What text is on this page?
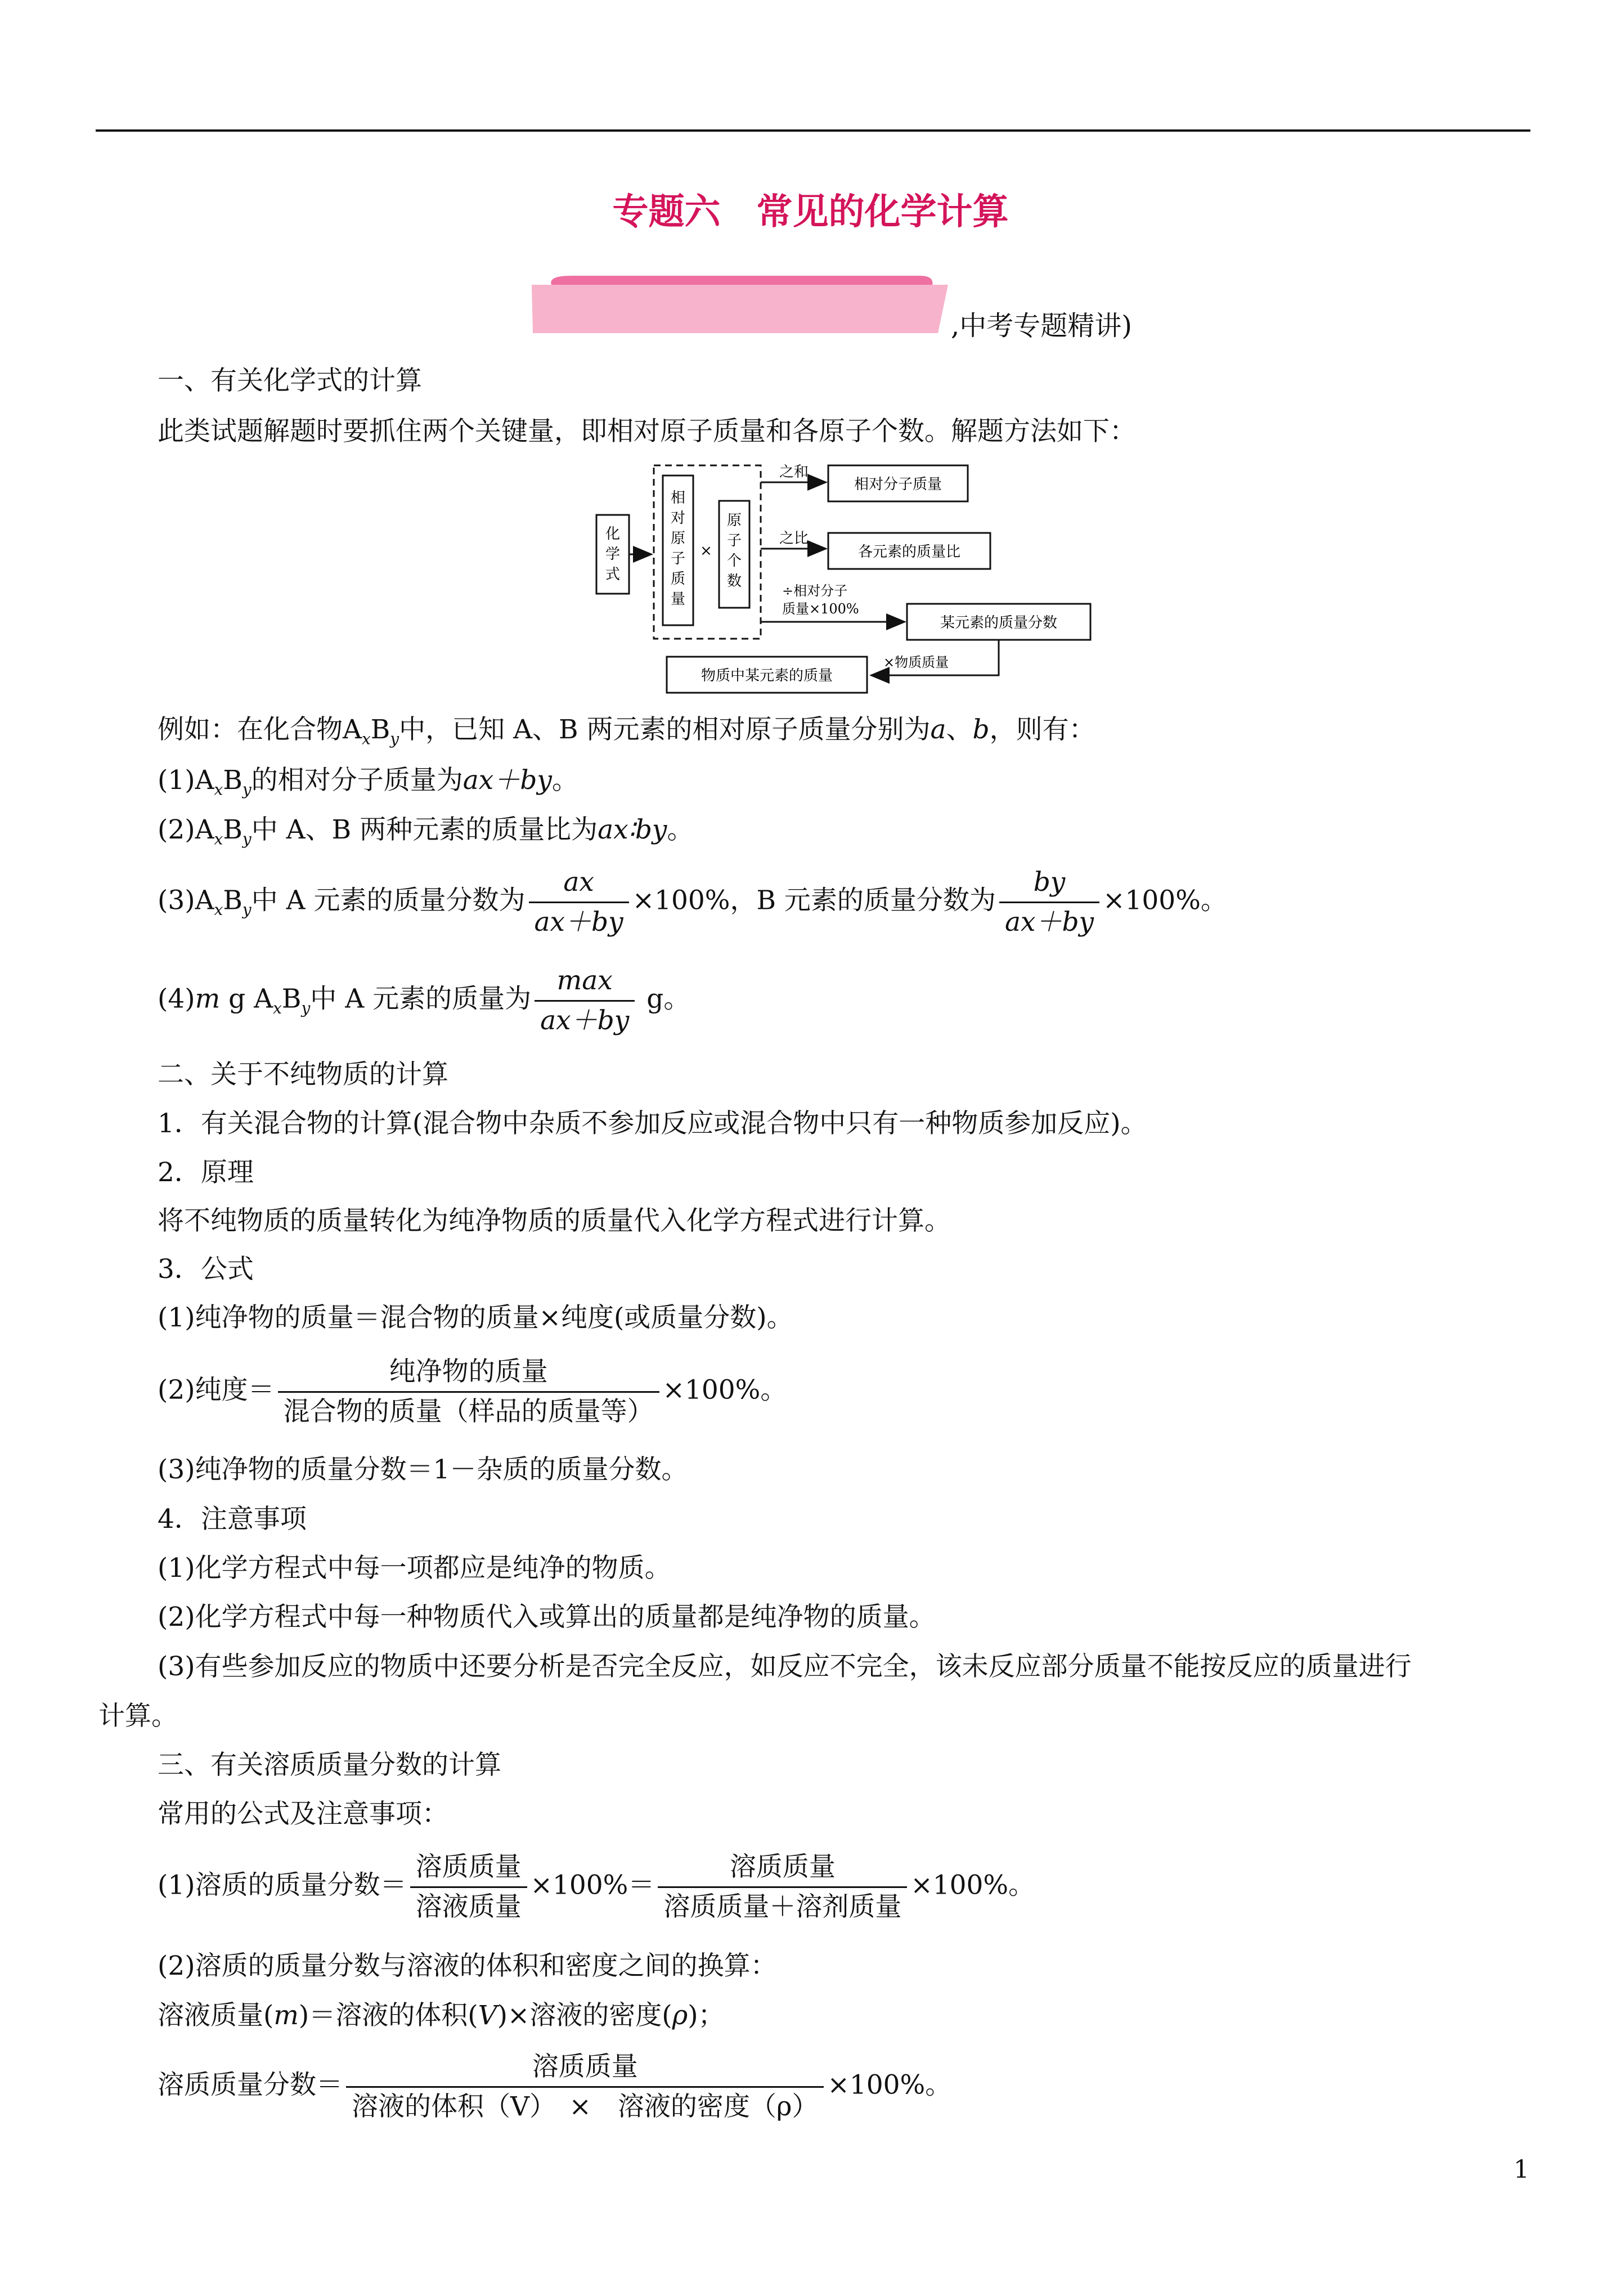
专题六　常见的化学计算
,中考专题精讲)
一、有关化学式的计算
此类试题解题时要抓住两个关键量，即相对原子质量和各原子个数。解题方法如下：
化学式
相对原子质量
×
原子个数
之和
相对分子质量
之比
各元素的质量比
÷相对分子
质量×100%
某元素的质量分数
×物质质量
物质中某元素的质量
例如：在化合物$A_xB_y$中，已知 A、B 两元素的相对原子质量分别为a、b，则有：
$(1)A_xB_y$的相对分子质量为ax＋by。
$(2)A_xB_y$中 A、B 两种元素的质量比为ax∶by。
$(3)A_xB_y$中 A 元素的质量分数为 $\frac{ax}{ax+by} \times 100\%$，B 元素的质量分数为 $\frac{by}{ax+by} \times 100\%$。
(4)m g $A_xB_y$中 A 元素的质量为 $\frac{\max}{ax+by}$ g。
二、关于不纯物质的计算
1．有关混合物的计算(混合物中杂质不参加反应或混合物中只有一种物质参加反应)。
2．原理
将不纯物质的质量转化为纯净物质的质量代入化学方程式进行计算。
3．公式
(1)纯净物的质量＝混合物的质量×纯度(或质量分数)。
(2)纯度＝ $\frac{\text{纯净物的质量}}{\text{混合物的质量（样品的质量等）}} \times 100\%$。
(3)纯净物的质量分数＝1－杂质的质量分数。
4．注意事项
(1)化学方程式中每一项都应是纯净的物质。
(2)化学方程式中每一种物质代入或算出的质量都是纯净物的质量。
(3)有些参加反应的物质中还要分析是否完全反应，如反应不完全，该未反应部分质量不能按反应的质量进行
计算。
三、有关溶质质量分数的计算
常用的公式及注意事项：
(1)溶质的质量分数＝ $\frac{\text{溶质质量}}{\text{溶液质量}} \times 100\%= \frac{\text{溶质质量}}{\text{溶质质量＋溶剂质量}} \times 100\%$。
(2)溶质的质量分数与溶液的体积和密度之间的换算：
溶液质量(m)＝溶液的体积(V)×溶液的密度(ρ)；
溶质质量分数＝ $\frac{\text{溶质质量}}{\text{溶液的体积（V）　×　溶液的密度（ρ）}} \times 100\%$。
1
